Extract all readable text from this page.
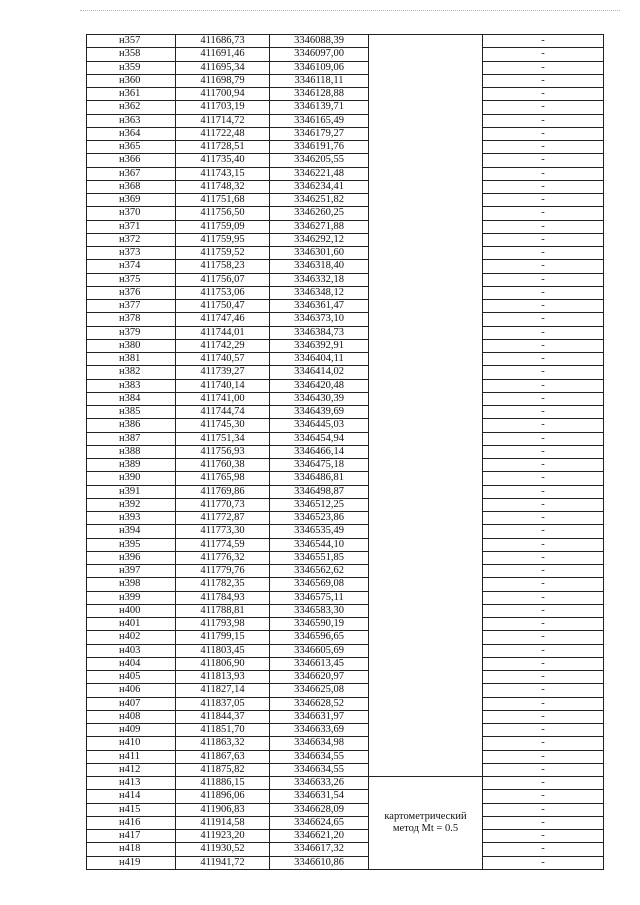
н357	411686,73	3346088,39		-
н358	411691,46	3346097,00		-
н359	411695,34	3346109,06		-
н360	411698,79	3346118,11		-
н361	411700,94	3346128,88		-
н362	411703,19	3346139,71		-
н363	411714,72	3346165,49		-
н364	411722,48	3346179,27		-
н365	411728,51	3346191,76		-
н366	411735,40	3346205,55		-
н367	411743,15	3346221,48		-
н368	411748,32	3346234,41		-
н369	411751,68	3346251,82		-
н370	411756,50	3346260,25		-
н371	411759,09	3346271,88		-
н372	411759,95	3346292,12		-
н373	411759,52	3346301,60		-
н374	411758,23	3346318,40		-
н375	411756,07	3346332,18		-
н376	411753,06	3346348,12		-
н377	411750,47	3346361,47		-
н378	411747,46	3346373,10		-
н379	411744,01	3346384,73		-
н380	411742,29	3346392,91		-
н381	411740,57	3346404,11		-
н382	411739,27	3346414,02		-
н383	411740,14	3346420,48		-
н384	411741,00	3346430,39		-
н385	411744,74	3346439,69		-
н386	411745,30	3346445,03		-
н387	411751,34	3346454,94		-
н388	411756,93	3346466,14		-
н389	411760,38	3346475,18		-
н390	411765,98	3346486,81		-
н391	411769,86	3346498,87		-
н392	411770,73	3346512,25		-
н393	411772,87	3346523,86		-
н394	411773,30	3346535,49		-
н395	411774,59	3346544,10		-
н396	411776,32	3346551,85		-
н397	411779,76	3346562,62		-
н398	411782,35	3346569,08		-
н399	411784,93	3346575,11		-
н400	411788,81	3346583,30		-
н401	411793,98	3346590,19		-
н402	411799,15	3346596,65		-
н403	411803,45	3346605,69		-
н404	411806,90	3346613,45		-
н405	411813,93	3346620,97		-
н406	411827,14	3346625,08		-
н407	411837,05	3346628,52		-
н408	411844,37	3346631,97		-
н409	411851,70	3346633,69		-
н410	411863,32	3346634,98		-
н411	411867,63	3346634,55		-
н412	411875,82	3346634,55		-
н413	411886,15	3346633,26	картометрический
метод Mt = 0.5	-
н414	411896,06	3346631,54		-
н415	411906,83	3346628,09		-
н416	411914,58	3346624,65		-
н417	411923,20	3346621,20		-
н418	411930,52	3346617,32		-
н419	411941,72	3346610,86		-
